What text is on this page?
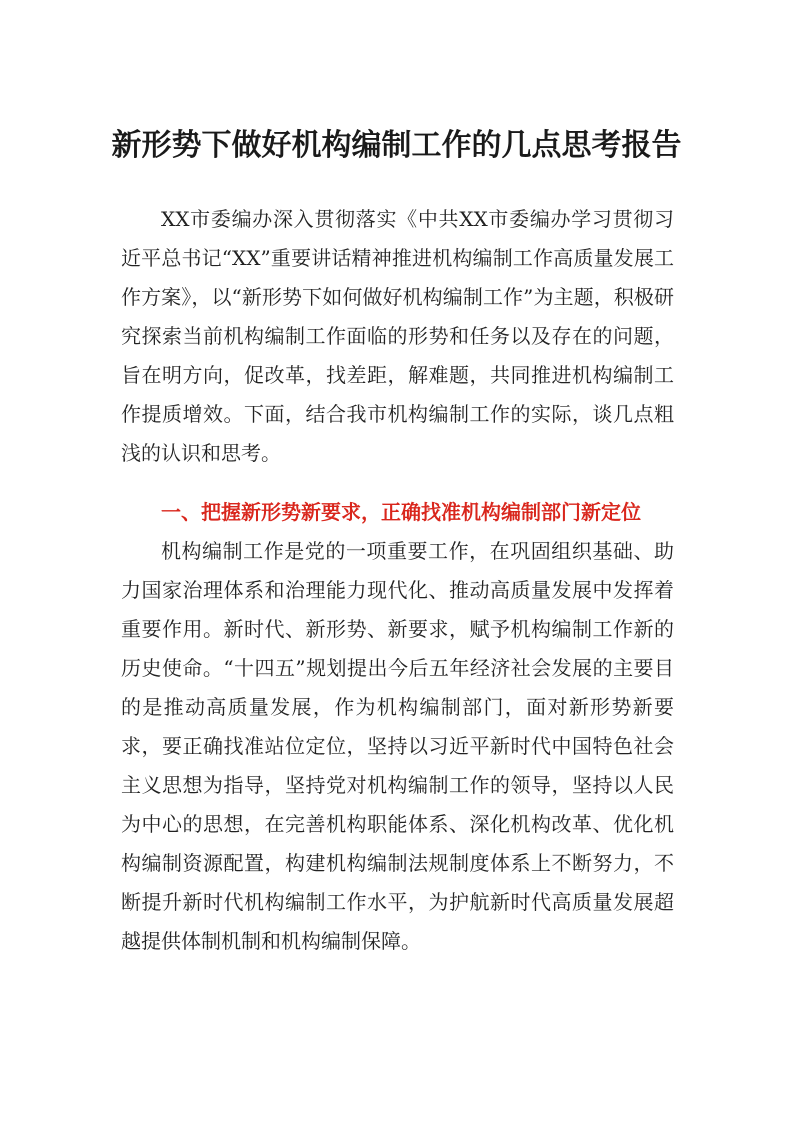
新形势下做好机构编制工作的几点思考报告

XX市委编办深入贯彻落实《中共XX市委编办学习贯彻习近平总书记“XX”重要讲话精神推进机构编制工作高质量发展工作方案》，以“新形势下如何做好机构编制工作”为主题，积极研究探索当前机构编制工作面临的形势和任务以及存在的问题，旨在明方向，促改革，找差距，解难题，共同推进机构编制工作提质增效。下面，结合我市机构编制工作的实际，谈几点粗浅的认识和思考。

一、把握新形势新要求，正确找准机构编制部门新定位

机构编制工作是党的一项重要工作，在巩固组织基础、助力国家治理体系和治理能力现代化、推动高质量发展中发挥着重要作用。新时代、新形势、新要求，赋予机构编制工作新的历史使命。“十四五”规划提出今后五年经济社会发展的主要目的是推动高质量发展，作为机构编制部门，面对新形势新要求，要正确找准站位定位，坚持以习近平新时代中国特色社会主义思想为指导，坚持党对机构编制工作的领导，坚持以人民为中心的思想，在完善机构职能体系、深化机构改革、优化机构编制资源配置，构建机构编制法规制度体系上不断努力，不断提升新时代机构编制工作水平，为护航新时代高质量发展超越提供体制机制和机构编制保障。
